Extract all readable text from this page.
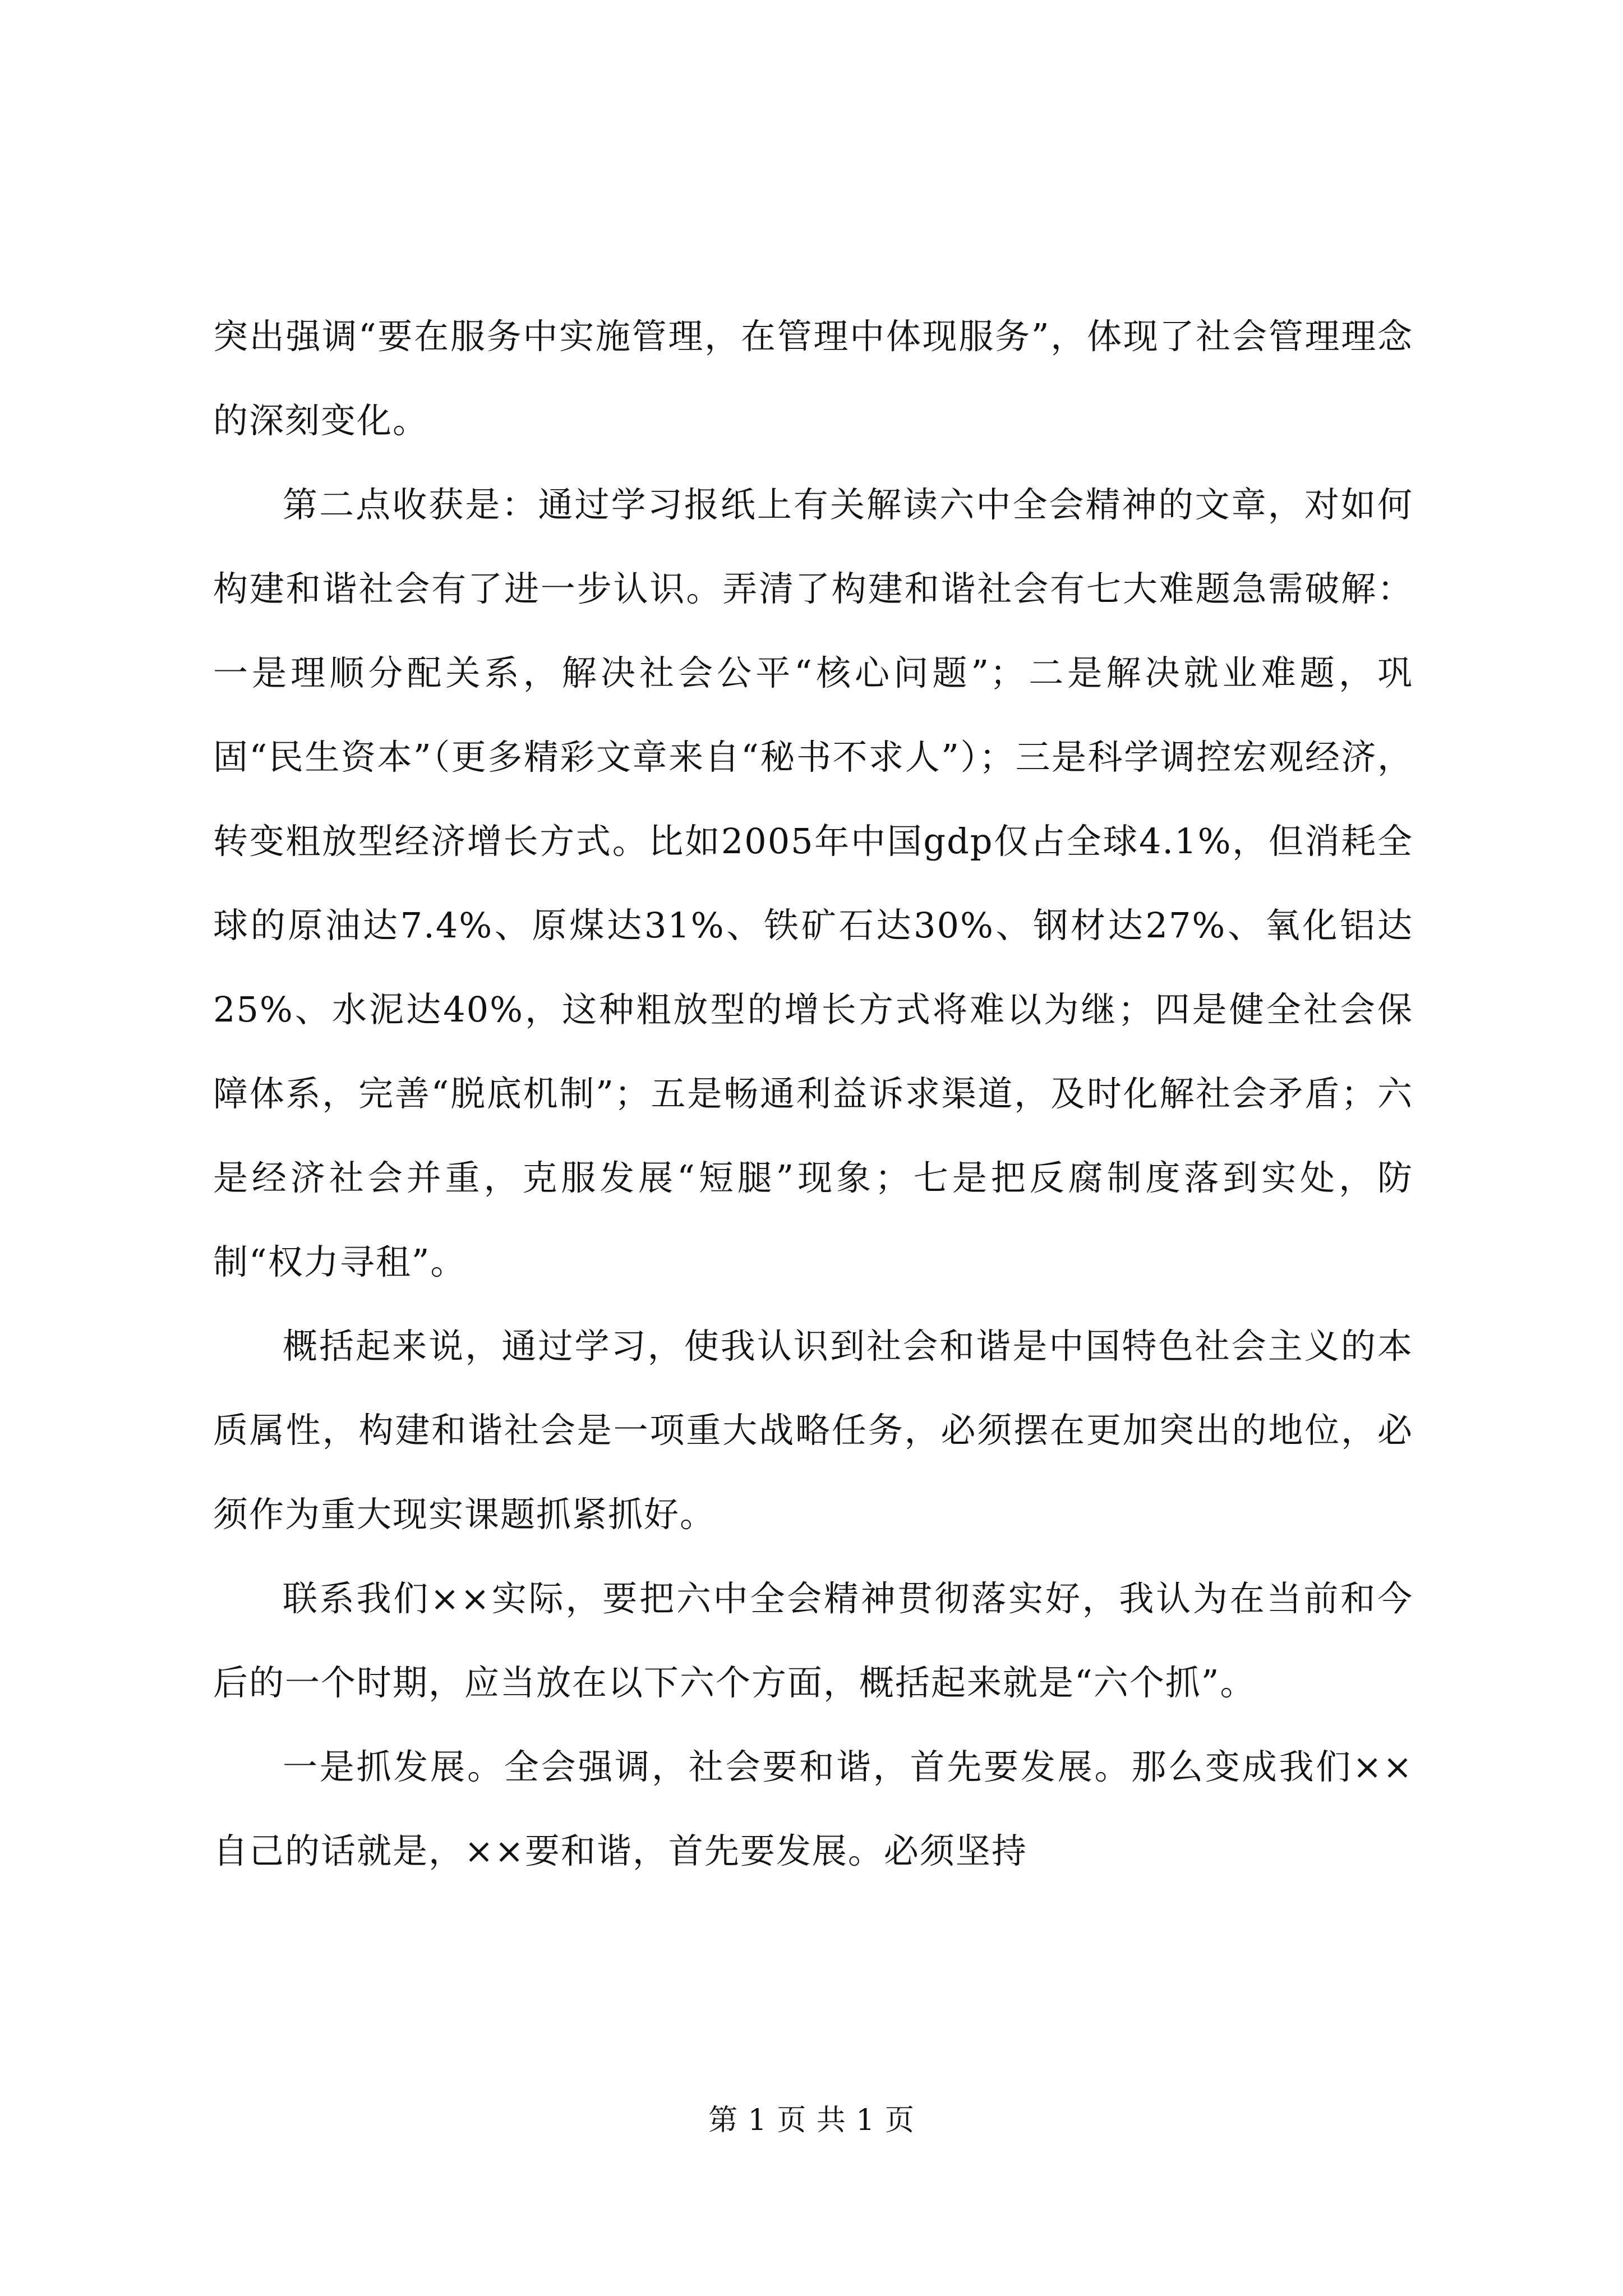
突出强调“要在服务中实施管理，在管理中体现服务”，体现了社会管理理念的深刻变化。

第二点收获是：通过学习报纸上有关解读六中全会精神的文章，对如何构建和谐社会有了进一步认识。弄清了构建和谐社会有七大难题急需破解：一是理顺分配关系，解决社会公平“核心问题”；二是解决就业难题，巩固“民生资本”（更多精彩文章来自“秘书不求人”）；三是科学调控宏观经济，转变粗放型经济增长方式。比如2005年中国gdp仅占全球4.1%，但消耗全球的原油达7.4%、原煤达31%、铁矿石达30%、钢材达27%、氧化铝达25%、水泥达40%，这种粗放型的增长方式将难以为继；四是健全社会保障体系，完善“脱底机制”；五是畅通利益诉求渠道，及时化解社会矛盾；六是经济社会并重，克服发展“短腿”现象；七是把反腐制度落到实处，防制“权力寻租”。

概括起来说，通过学习，使我认识到社会和谐是中国特色社会主义的本质属性，构建和谐社会是一项重大战略任务，必须摆在更加突出的地位，必须作为重大现实课题抓紧抓好。

联系我们××实际，要把六中全会精神贯彻落实好，我认为在当前和今后的一个时期，应当放在以下六个方面，概括起来就是“六个抓”。

一是抓发展。全会强调，社会要和谐，首先要发展。那么变成我们××自己的话就是，××要和谐，首先要发展。必须坚持

第 1 页 共 1 页
